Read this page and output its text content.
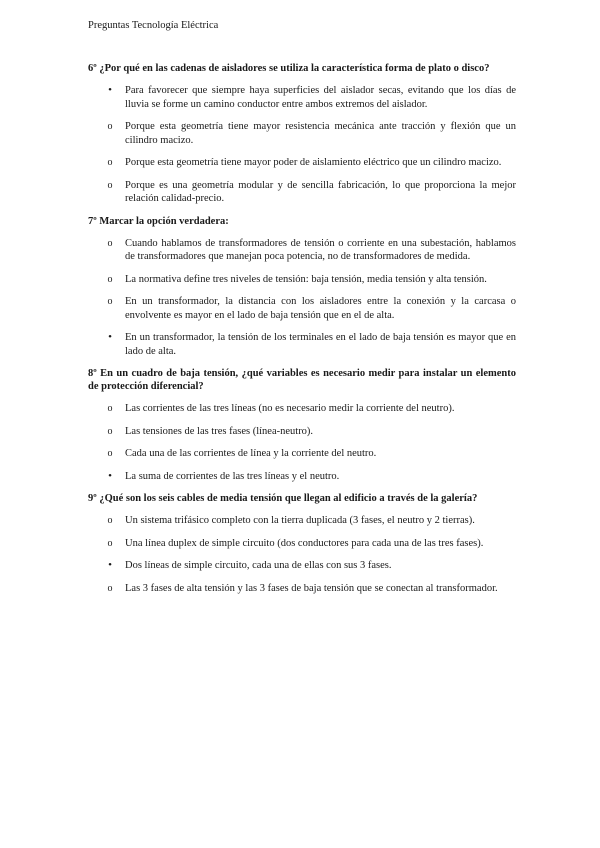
Preguntas Tecnología Eléctrica

6º ¿Por qué en las cadenas de aisladores se utiliza la característica forma de plato o disco?

•	Para favorecer que siempre haya superficies del aislador secas, evitando que los días de lluvia se forme un camino conductor entre ambos extremos del aislador.
o	Porque esta geometría tiene mayor resistencia mecánica ante tracción y flexión que un cilindro macizo.
o	Porque esta geometría tiene mayor poder de aislamiento eléctrico que un cilindro macizo.
o	Porque es una geometría modular y de sencilla fabricación, lo que proporciona la mejor relación calidad-precio.

7º Marcar la opción verdadera:

o	Cuando hablamos de transformadores de tensión o corriente en una subestación, hablamos de transformadores que manejan poca potencia, no de transformadores de medida.
o	La normativa define tres niveles de tensión: baja tensión, media tensión y alta tensión.
o	En un transformador, la distancia con los aisladores entre la conexión y la carcasa o envolvente es mayor en el lado de baja tensión que en el de alta.
•	En un transformador, la tensión de los terminales en el lado de baja tensión es mayor que en lado de alta.

8º En un cuadro de baja tensión, ¿qué variables es necesario medir para instalar un elemento de protección diferencial?

o	Las corrientes de las tres líneas (no es necesario medir la corriente del neutro).
o	Las tensiones de las tres fases (línea-neutro).
o	Cada una de las corrientes de línea y la corriente del neutro.
•	La suma de corrientes de las tres líneas y el neutro.

9º ¿Qué son los seis cables de media tensión que llegan al edificio a través de la galería?

o	Un sistema trifásico completo con la tierra duplicada (3 fases, el neutro y 2 tierras).
o	Una línea duplex de simple circuito (dos conductores para cada una de las tres fases).
•	Dos líneas de simple circuito, cada una de ellas con sus 3 fases.
o	Las 3 fases de alta tensión y las 3 fases de baja tensión que se conectan al transformador.
